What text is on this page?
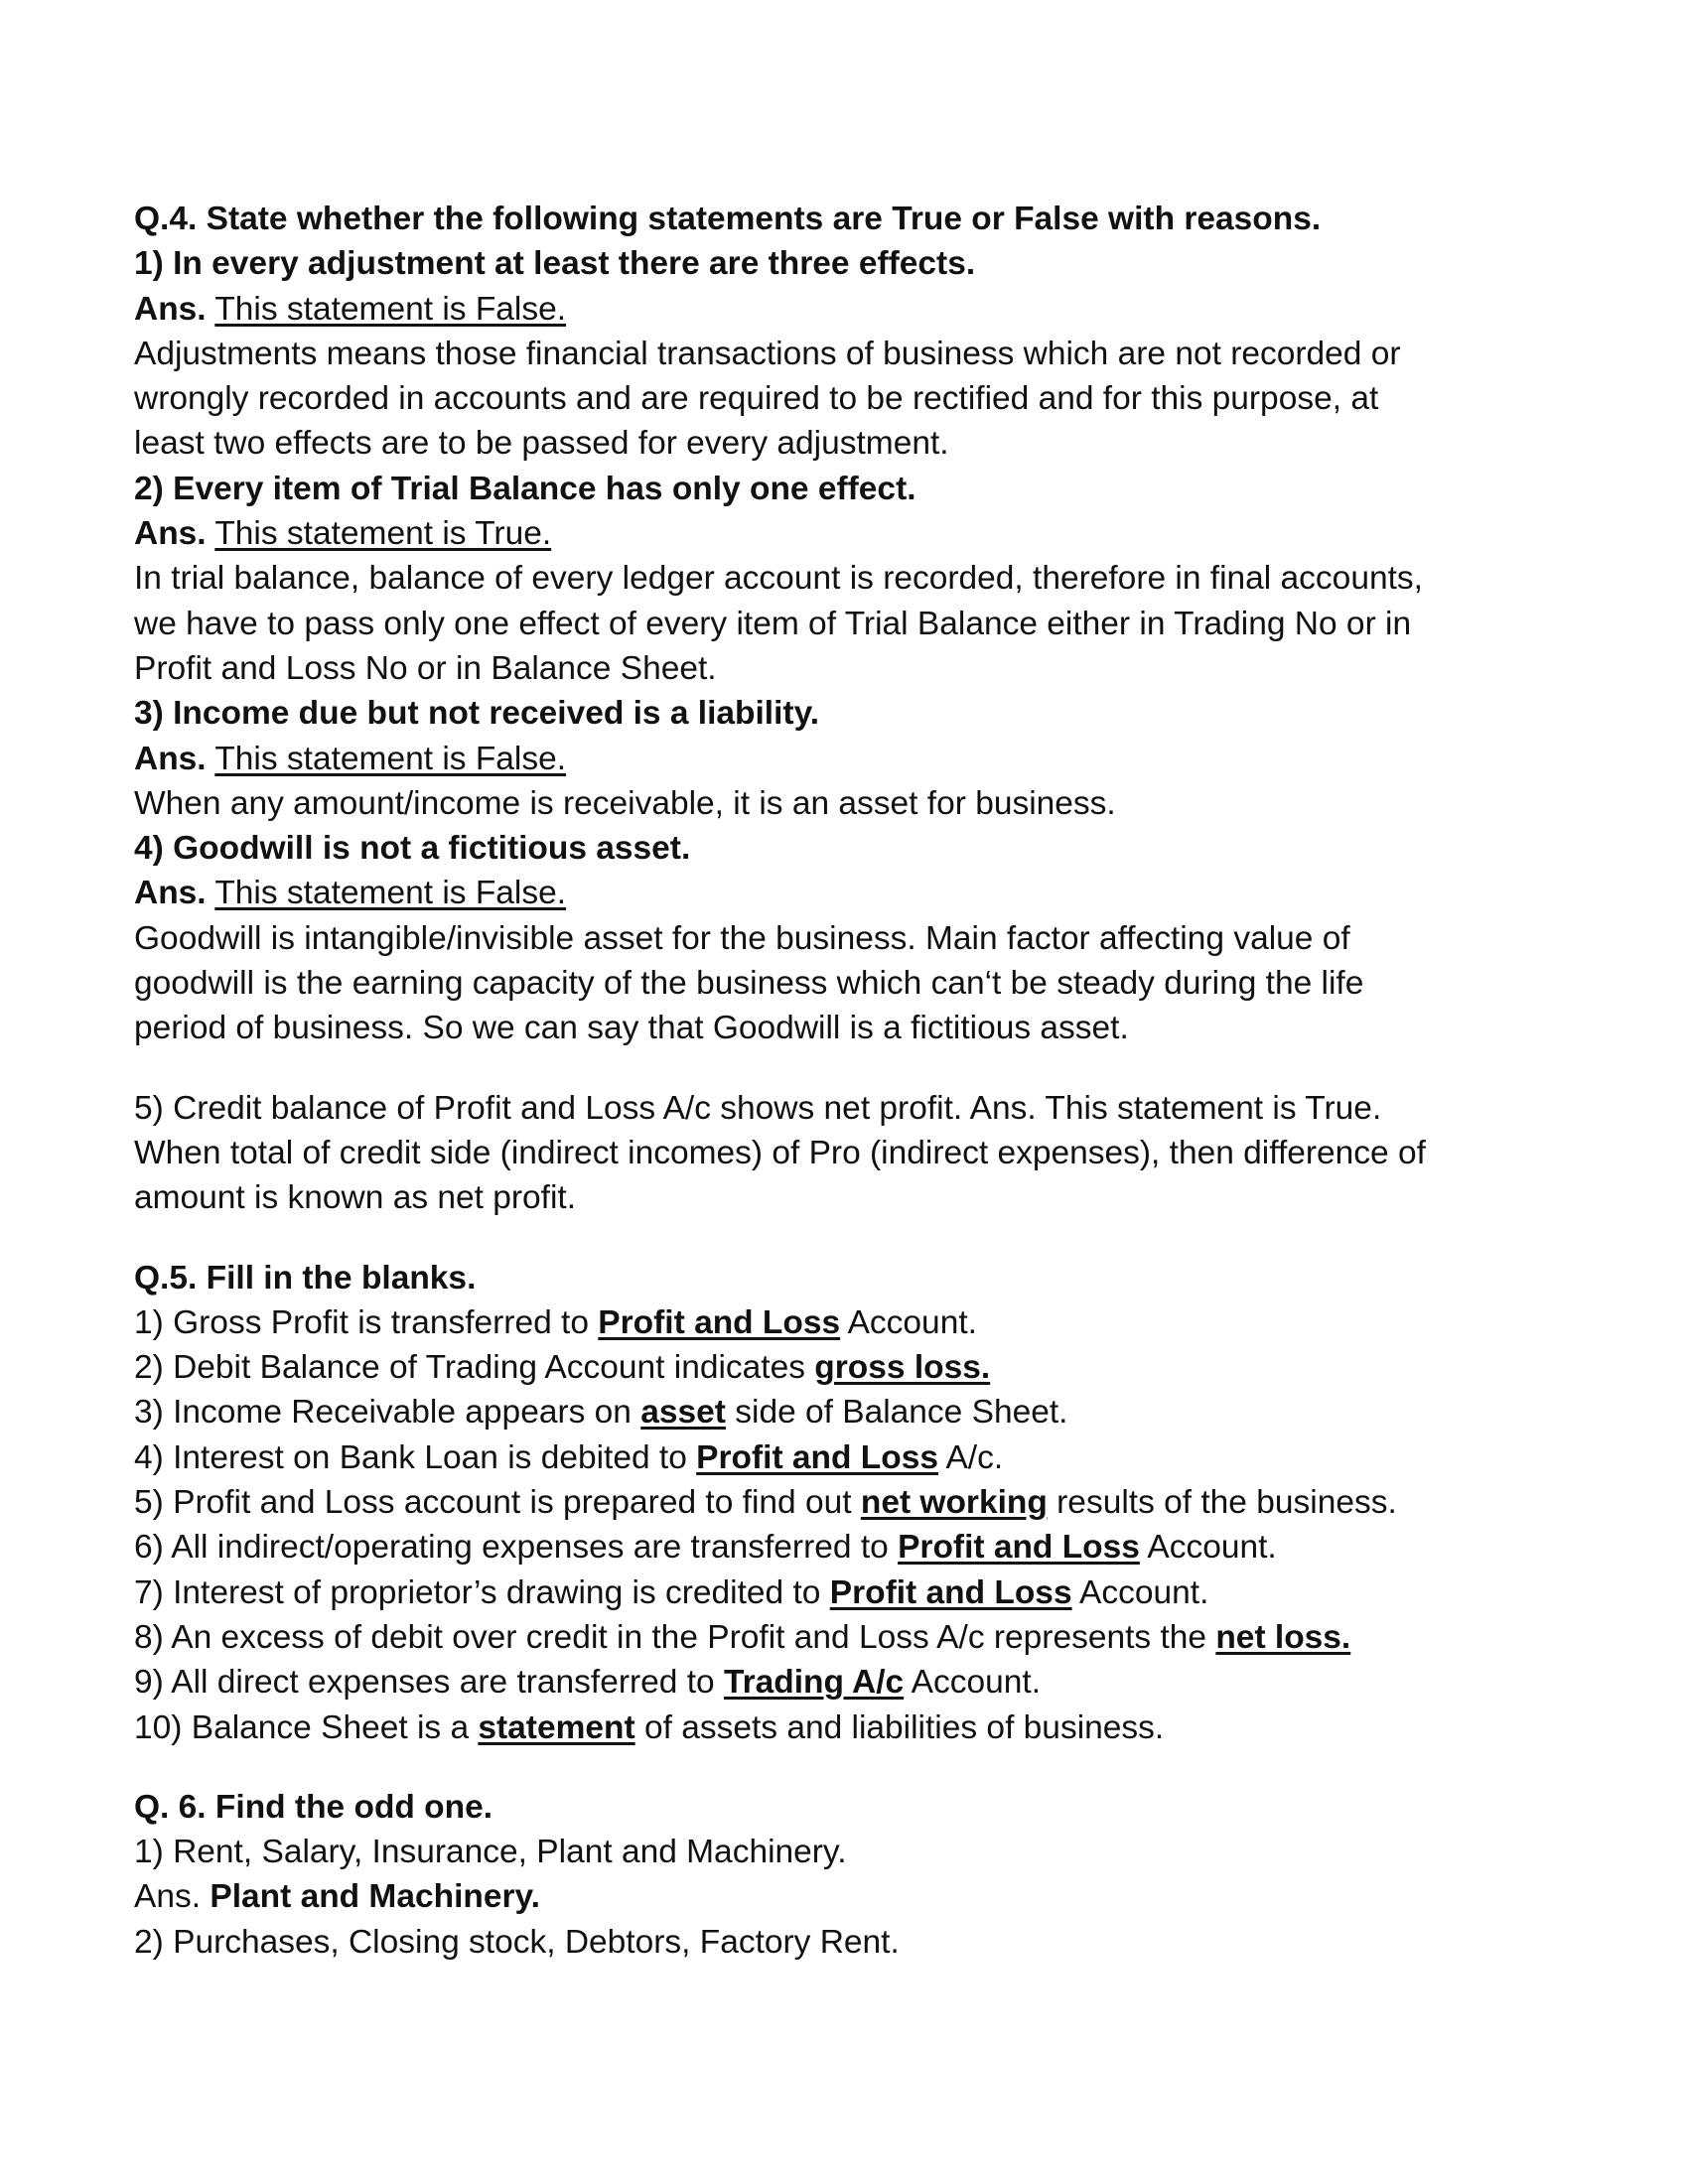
Q.4. State whether the following statements are True or False with reasons.
1) In every adjustment at least there are three effects.
Ans. This statement is False.
Adjustments means those financial transactions of business which are not recorded or
wrongly recorded in accounts and are required to be rectified and for this purpose, at
least two effects are to be passed for every adjustment.
2) Every item of Trial Balance has only one effect.
Ans. This statement is True.
In trial balance, balance of every ledger account is recorded, therefore in final accounts,
we have to pass only one effect of every item of Trial Balance either in Trading No or in
Profit and Loss No or in Balance Sheet.
3) Income due but not received is a liability.
Ans. This statement is False.
When any amount/income is receivable, it is an asset for business.
4) Goodwill is not a fictitious asset.
Ans. This statement is False.
Goodwill is intangible/invisible asset for the business. Main factor affecting value of
goodwill is the earning capacity of the business which can‘t be steady during the life
period of business. So we can say that Goodwill is a fictitious asset.
5) Credit balance of Profit and Loss A/c shows net profit. Ans. This statement is True.
When total of credit side (indirect incomes) of Pro (indirect expenses), then difference of
amount is known as net profit.
Q.5. Fill in the blanks.
1) Gross Profit is transferred to Profit and Loss Account.
2) Debit Balance of Trading Account indicates gross loss.
3) Income Receivable appears on asset side of Balance Sheet.
4) Interest on Bank Loan is debited to Profit and Loss A/c.
5) Profit and Loss account is prepared to find out net working results of the business.
6) All indirect/operating expenses are transferred to Profit and Loss Account.
7) Interest of proprietor’s drawing is credited to Profit and Loss Account.
8) An excess of debit over credit in the Profit and Loss A/c represents the net loss.
9) All direct expenses are transferred to Trading A/c Account.
10) Balance Sheet is a statement of assets and liabilities of business.
Q. 6. Find the odd one.
1) Rent, Salary, Insurance, Plant and Machinery.
Ans. Plant and Machinery.
2) Purchases, Closing stock, Debtors, Factory Rent.
